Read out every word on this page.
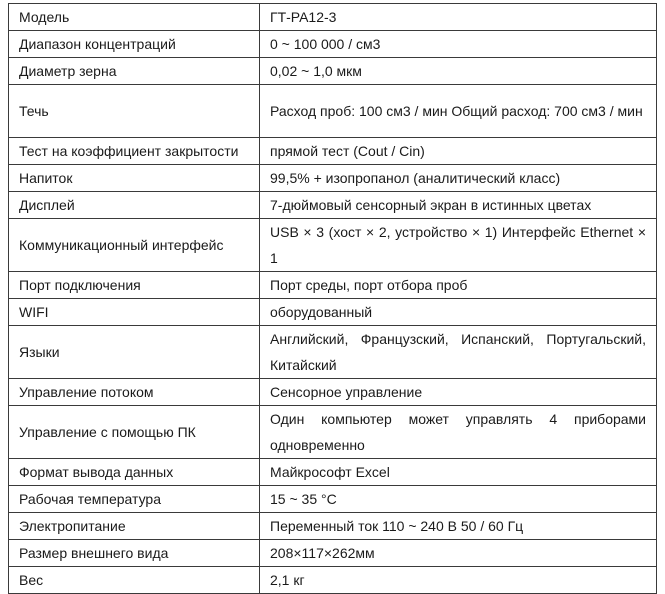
Модель	ГТ-PA12-3
Диапазон концентраций	0 ~ 100 000 / см3
Диаметр зерна	0,02 ~ 1,0 мкм
Течь	Расход проб: 100 см3 / мин Общий расход: 700 см3 / мин
Тест на коэффициент закрытости	прямой тест (Cout / Cin)
Напиток	99,5% + изопропанол (аналитический класс)
Дисплей	7-дюймовый сенсорный экран в истинных цветах
Коммуникационный интерфейс	USB × 3 (хост × 2, устройство × 1) Интерфейс Ethernet × 1
Порт подключения	Порт среды, порт отбора проб
WIFI	оборудованный
Языки	Английский, Французский, Испанский, Португальский, Китайский
Управление потоком	Сенсорное управление
Управление с помощью ПК	Один компьютер может управлять 4 приборами одновременно
Формат вывода данных	Майкрософт Excel
Рабочая температура	15 ~ 35 °C
Электропитание	Переменный ток 110 ~ 240 В 50 / 60 Гц
Размер внешнего вида	208×117×262мм
Вес	2,1 кг
